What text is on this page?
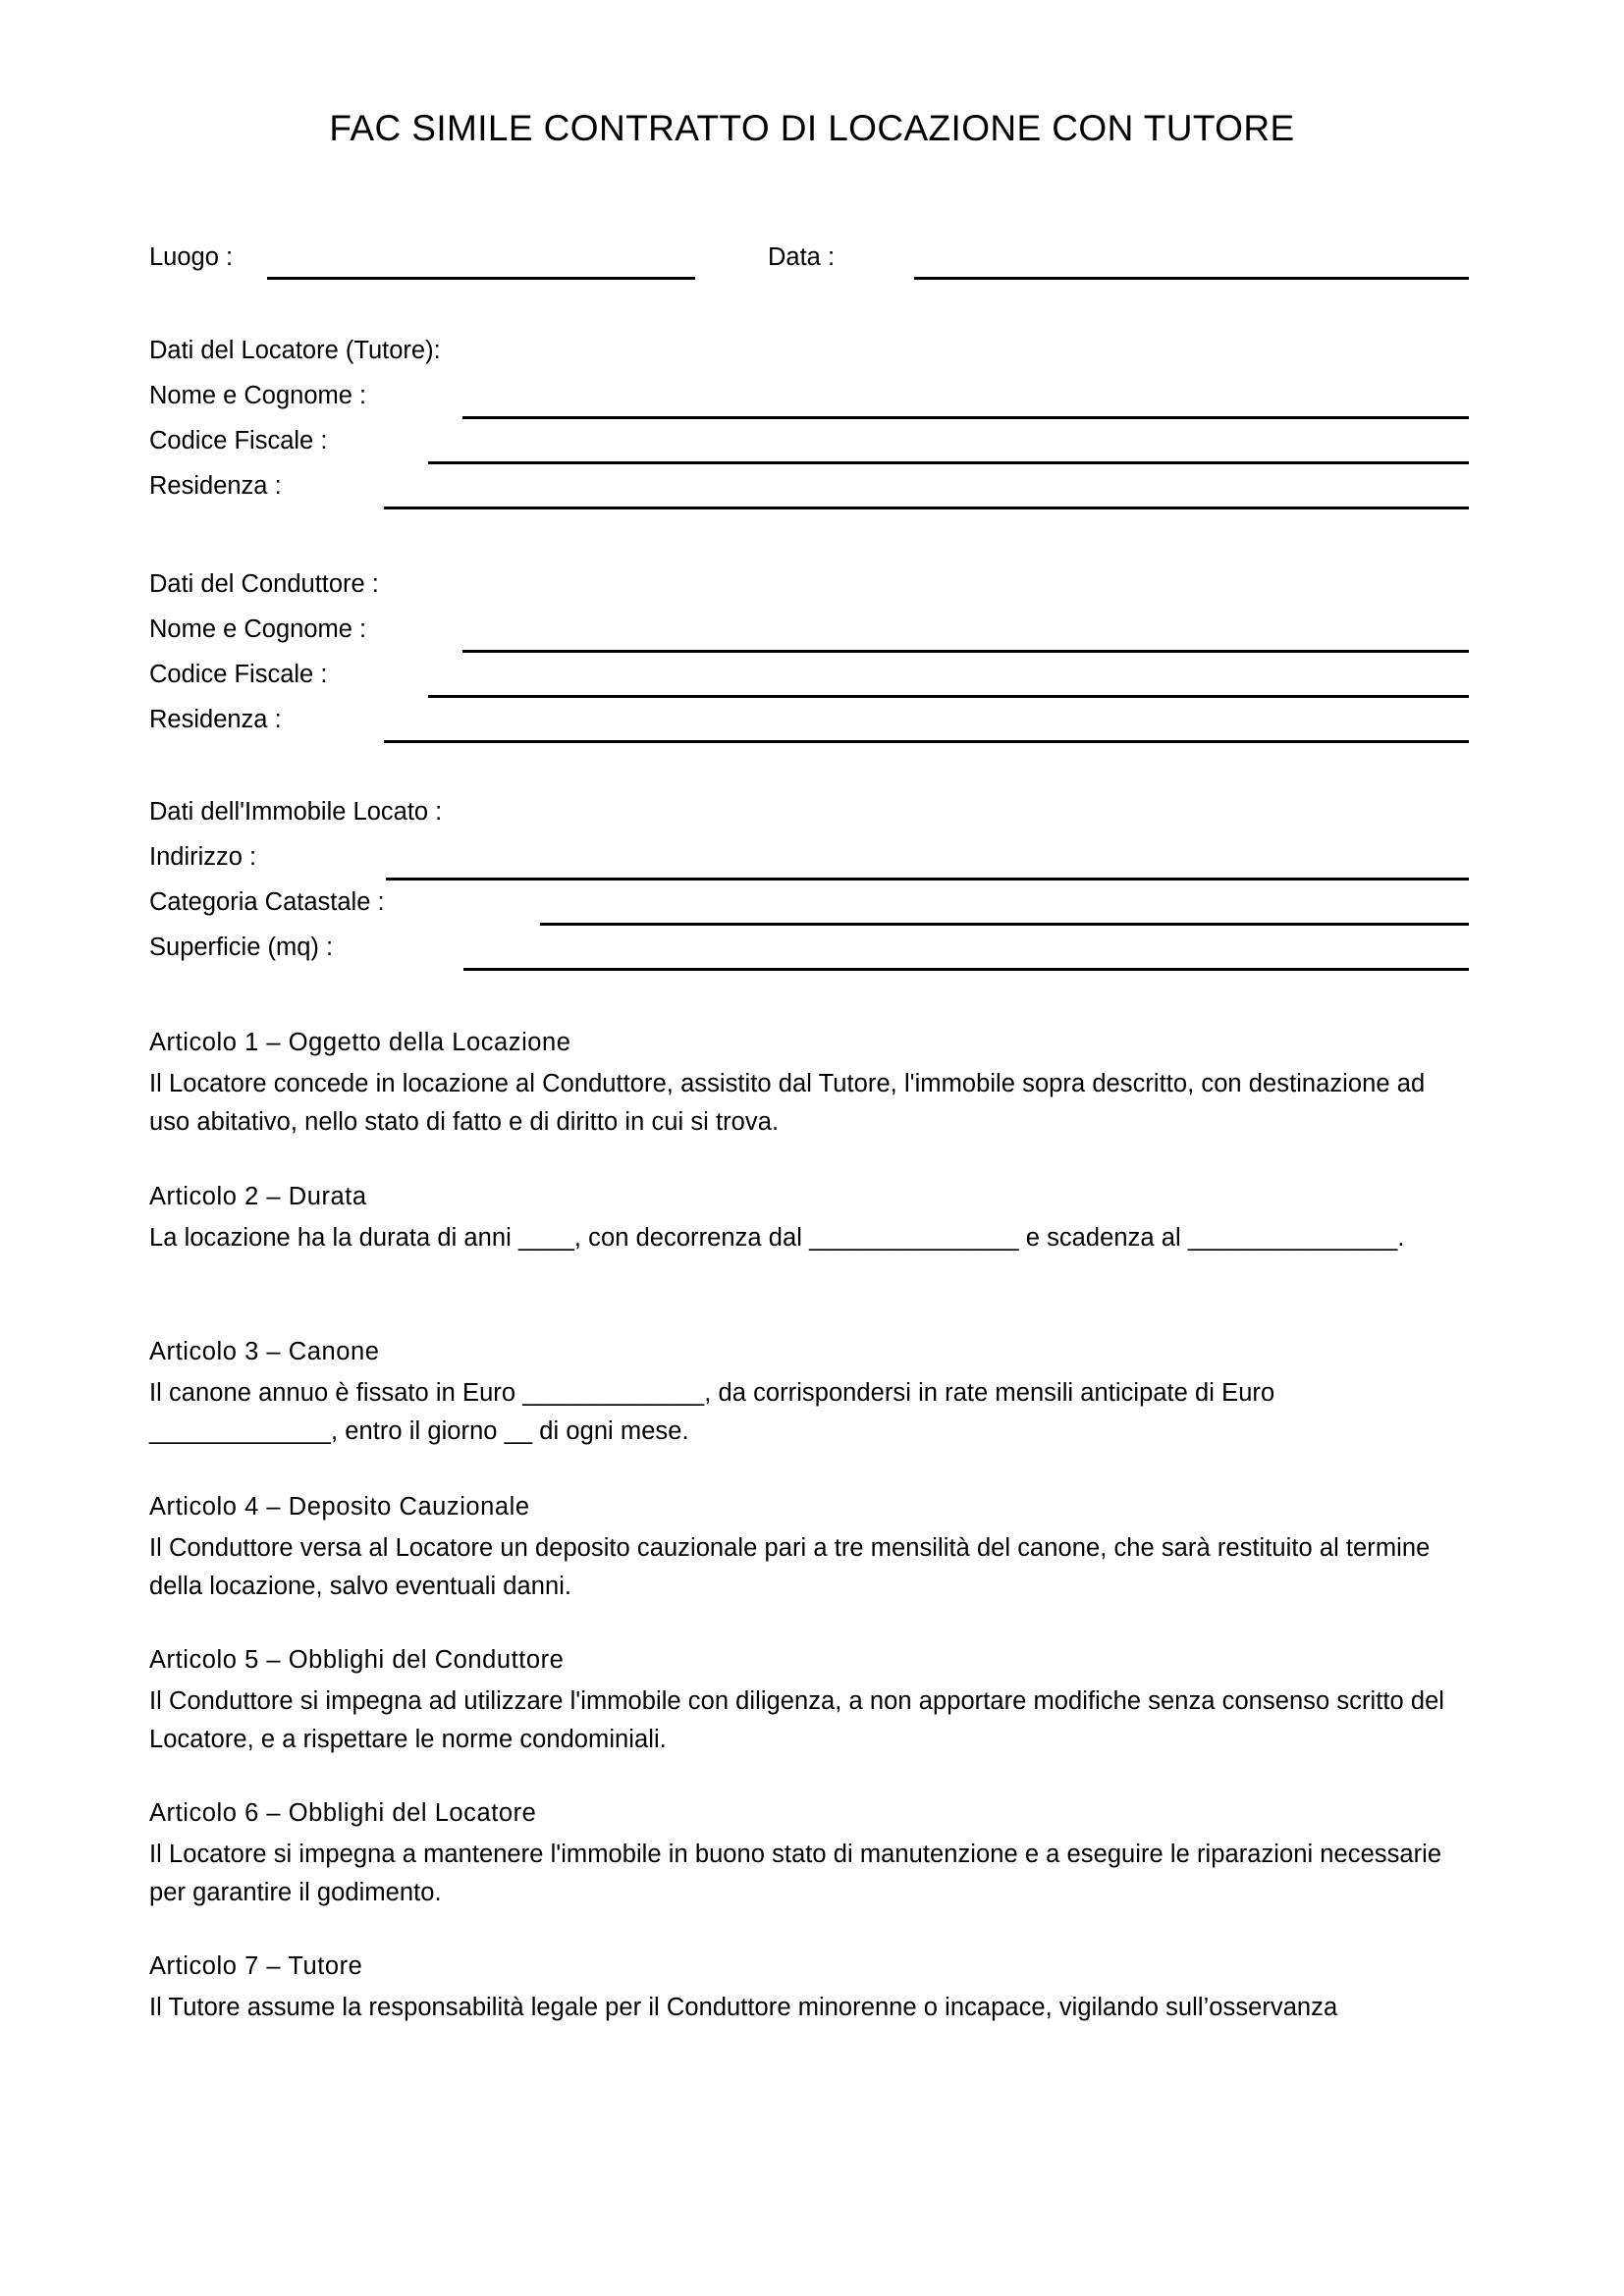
FAC SIMILE CONTRATTO DI LOCAZIONE CON TUTORE
Luogo :	Data :
Dati del Locatore (Tutore):
Nome e Cognome :
Codice Fiscale :
Residenza :
Dati del Conduttore :
Nome e Cognome :
Codice Fiscale :
Residenza :
Dati dell'Immobile Locato :
Indirizzo :
Categoria Catastale :
Superficie (mq) :
Articolo 1 – Oggetto della Locazione
Il Locatore concede in locazione al Conduttore, assistito dal Tutore, l'immobile sopra descritto, con destinazione ad uso abitativo, nello stato di fatto e di diritto in cui si trova.
Articolo 2 – Durata
La locazione ha la durata di anni ____, con decorrenza dal _______________ e scadenza al _______________.
Articolo 3 – Canone
Il canone annuo è fissato in Euro _____________, da corrispondersi in rate mensili anticipate di Euro _____________, entro il giorno __ di ogni mese.
Articolo 4 – Deposito Cauzionale
Il Conduttore versa al Locatore un deposito cauzionale pari a tre mensilità del canone, che sarà restituito al termine della locazione, salvo eventuali danni.
Articolo 5 – Obblighi del Conduttore
Il Conduttore si impegna ad utilizzare l'immobile con diligenza, a non apportare modifiche senza consenso scritto del Locatore, e a rispettare le norme condominiali.
Articolo 6 – Obblighi del Locatore
Il Locatore si impegna a mantenere l'immobile in buono stato di manutenzione e a eseguire le riparazioni necessarie per garantire il godimento.
Articolo 7 – Tutore
Il Tutore assume la responsabilità legale per il Conduttore minorenne o incapace, vigilando sull’osservanza
